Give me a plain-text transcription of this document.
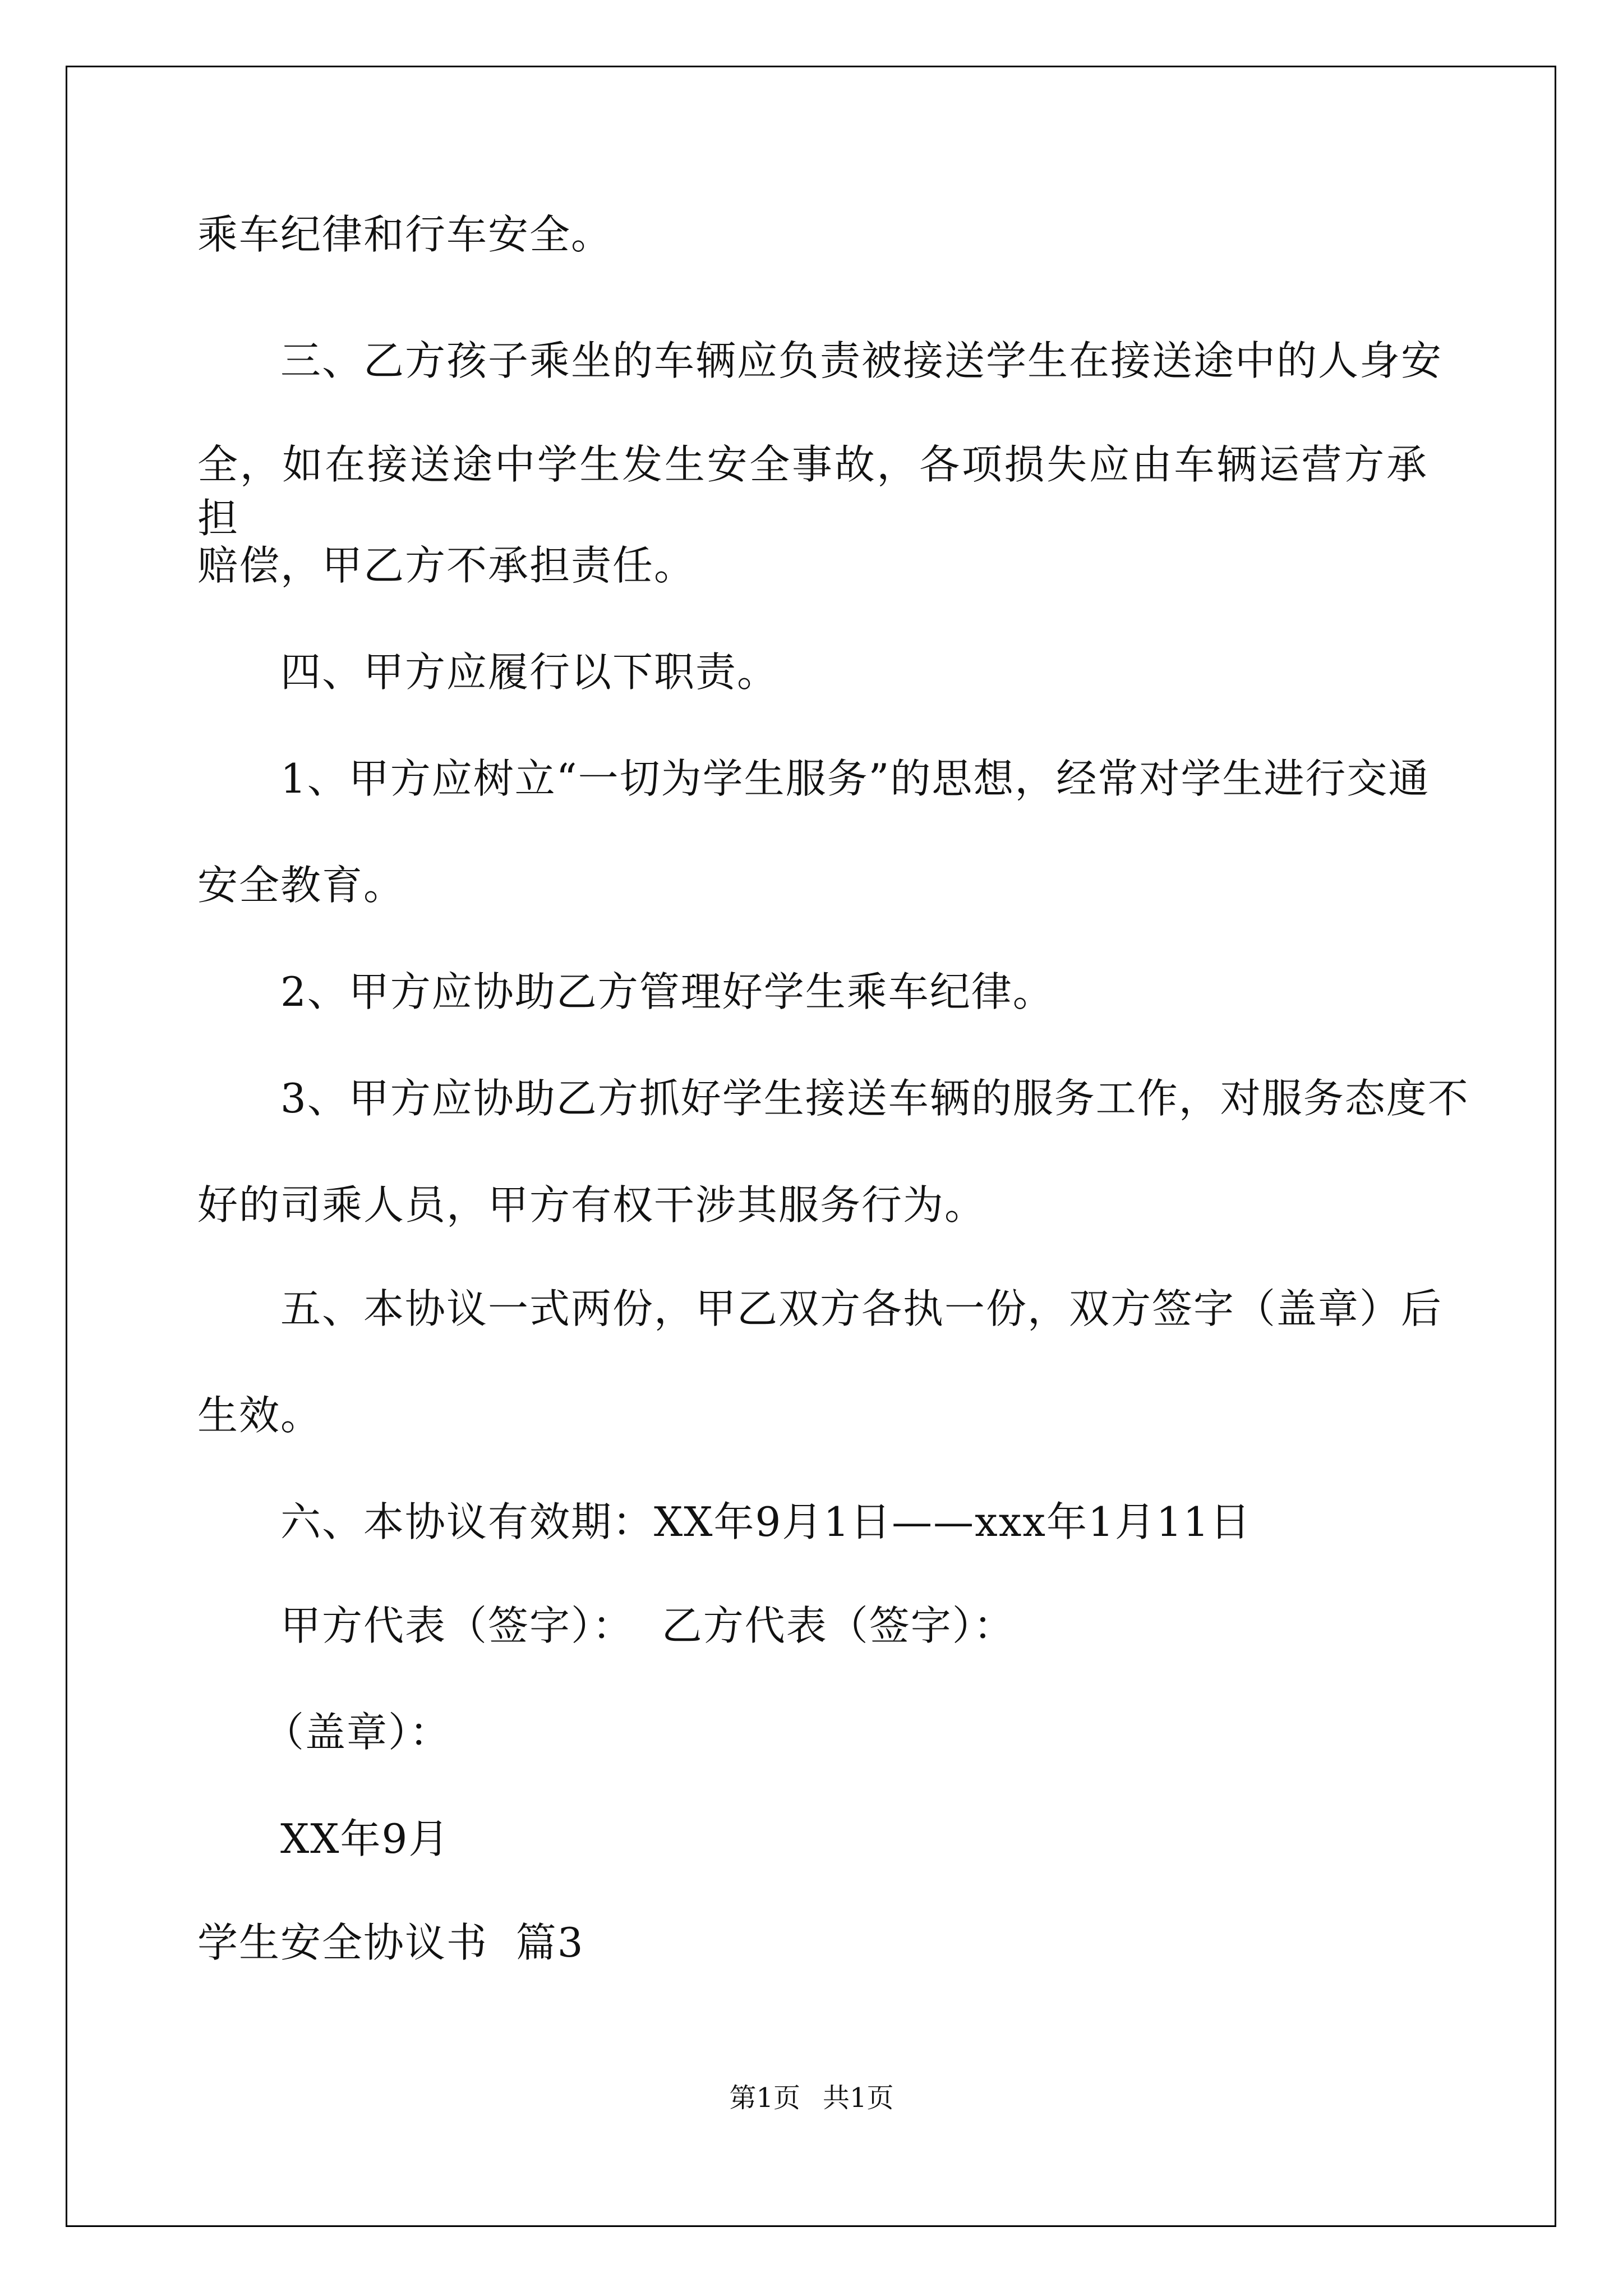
乘车纪律和行车安全。
三、乙方孩子乘坐的车辆应负责被接送学生在接送途中的人身安
全，如在接送途中学生发生安全事故，各项损失应由车辆运营方承担
赔偿，甲乙方不承担责任。
四、甲方应履行以下职责。
1、甲方应树立“一切为学生服务”的思想，经常对学生进行交通
安全教育。
2、甲方应协助乙方管理好学生乘车纪律。
3、甲方应协助乙方抓好学生接送车辆的服务工作，对服务态度不
好的司乘人员，甲方有权干涉其服务行为。
五、本协议一式两份，甲乙双方各执一份，双方签字（盖章）后
生效。
六、本协议有效期：XX年9月1日——xxx年1月11日
甲方代表（签字）：  乙方代表（签字）：
（盖章）：
XX年9月
学生安全协议书  篇3
第1页 共1页
